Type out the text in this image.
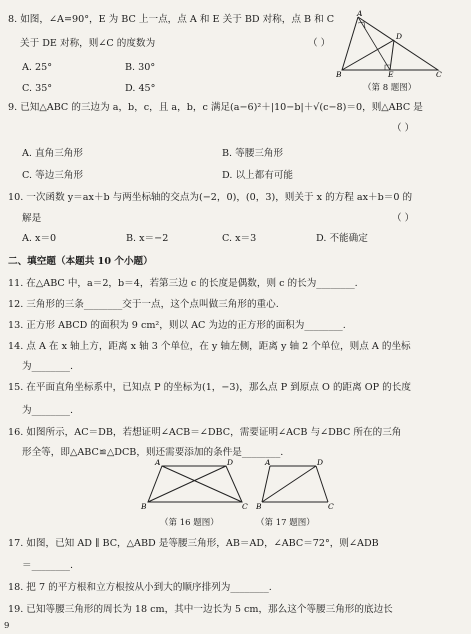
8. 如图，∠A=90°，E 为 BC 上一点，点 A 和 E 关于 BD 对称，点 B 和 C
关于 DE 对称，则∠C 的度数为	（ ）
A. 25°	B. 30°
C. 35°	D. 45°
A
D
B	E	C
（第 8 题图）
9. 已知△ABC 的三边为 a，b，c，且 a，b，c 满足(a−6)²＋|10−b|＋√(c−8)＝0，则△ABC 是
（ ）
A. 直角三角形	B. 等腰三角形
C. 等边三角形	D. 以上都有可能
10. 一次函数 y＝ax＋b 与两坐标轴的交点为(−2，0)，(0，3)，则关于 x 的方程 ax＋b＝0 的
解是	（ ）
A. x＝0	B. x＝−2	C. x＝3	D. 不能确定
二、填空题（本题共 10 个小题）
11. 在△ABC 中，a＝2，b＝4，若第三边 c 的长度是偶数，则 c 的长为________.
12. 三角形的三条________交于一点，这个点叫做三角形的重心.
13. 正方形 ABCD 的面积为 9 cm²，则以 AC 为边的正方形的面积为________.
14. 点 A 在 x 轴上方，距离 x 轴 3 个单位，在 y 轴左侧，距离 y 轴 2 个单位，则点 A 的坐标
为________.
15. 在平面直角坐标系中，已知点 P 的坐标为(1，−3)，那么点 P 到原点 O 的距离 OP 的长度
为________.
16. 如图所示，AC＝DB，若想证明∠ACB＝∠DBC，需要证明∠ACB 与∠DBC 所在的三角
形全等，即△ABC≌△DCB，则还需要添加的条件是________.
A	D
B	C
（第 16 题图）
A	D
B	C
（第 17 题图）
17. 如图，已知 AD ∥ BC，△ABD 是等腰三角形，AB＝AD，∠ABC＝72°，则∠ADB
＝________.
18. 把 7 的平方根和立方根按从小到大的顺序排列为________.
19. 已知等腰三角形的周长为 18 cm，其中一边长为 5 cm，那么这个等腰三角形的底边长
9
